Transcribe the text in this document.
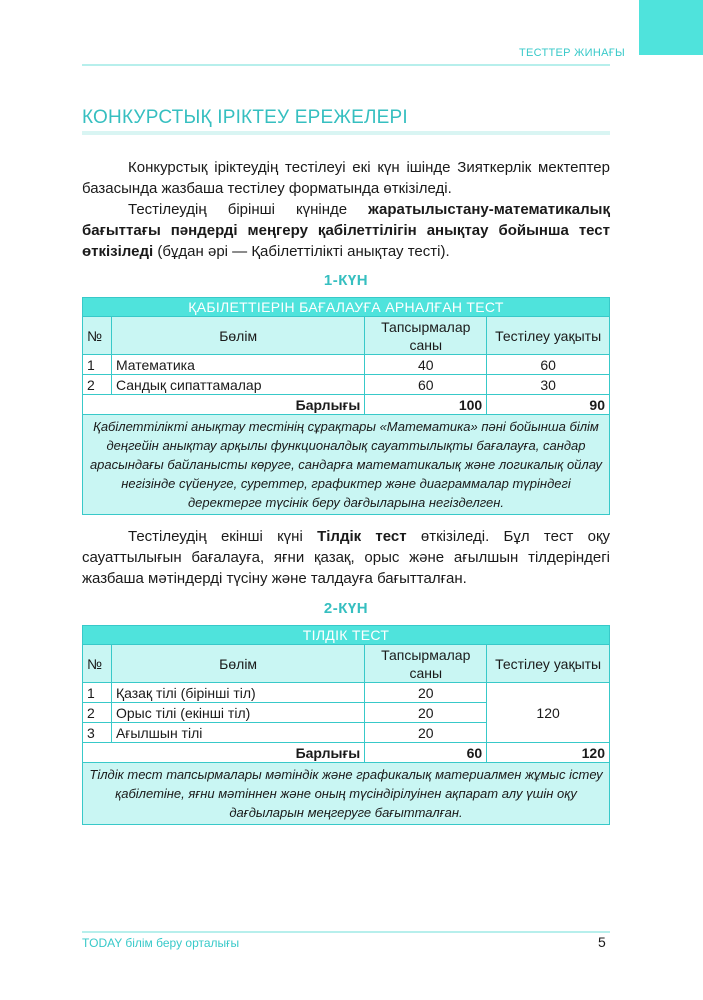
ТЕСТТЕР ЖИНАҒЫ
КОНКУРСТЫҚ ІРІКТЕУ ЕРЕЖЕЛЕРІ
Конкурстық іріктеудің тестілеуі екі күн ішінде Зияткерлік мектептер базасында жазбаша тестілеу форматында өткізіледі.
Тестілеудің бірінші күнінде жаратылыстану-математикалық бағыттағы пәндерді меңгеру қабілеттілігін анықтау бойынша тест өткізіледі (бұдан әрі — Қабілеттілікті анықтау тесті).
1-КҮН
ҚАБІЛЕТТІЕРІН БАҒАЛАУҒА АРНАЛҒАН ТЕСТ			
№	Бөлім	Тапсырмалар саны	Тестілеу уақыты
1	Математика	40	60
2	Сандық сипаттамалар	60	30
Барлығы		100	90
Қабілеттілікті анықтау тестінің сұрақтары «Математика» пәні бойынша білім деңгейін анықтау арқылы функционалдық сауаттылықты бағалауға, сандар арасындағы байланысты көруге, сандарға математикалық және логикалық ойлау негізінде сүйенуге, суреттер, графиктер және диаграммалар түріндегі деректерге түсінік беру дағдыларына негізделген.			
Тестілеудің екінші күні Тілдік тест өткізіледі. Бұл тест оқу сауаттылығын бағалауға, яғни қазақ, орыс және ағылшын тілдеріндегі жазбаша мәтіндерді түсіну және талдауға бағытталған.
2-КҮН
ТІЛДІК ТЕСТ			
№	Бөлім	Тапсырмалар саны	Тестілеу уақыты
1	Қазақ тілі (бірінші тіл)	20	120
2	Орыс тілі (екінші тіл)	20	
3	Ағылшын тілі	20	
Барлығы		60	120
Тілдік тест тапсырмалары мәтіндік және графикалық материалмен жұмыс істеу қабілетіне, яғни мәтіннен және оның түсіндірілуінен ақпарат алу үшін оқу дағдыларын меңгеруге бағытталған.			
TODAY білім беру орталығы	5
